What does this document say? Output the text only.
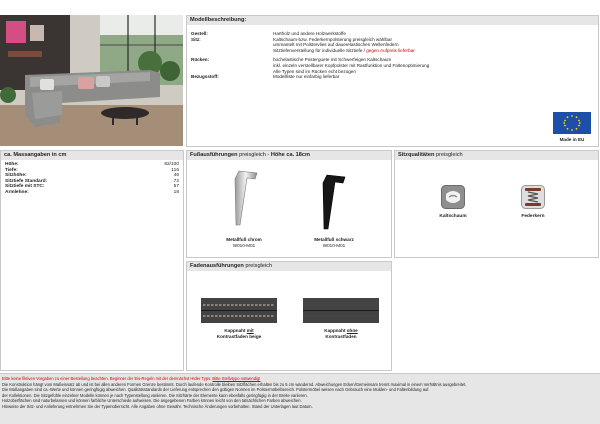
Modellbeschreibung:
Gestell:	Hartholz und andere Holzwerkstoffe
Sitz:	Kaltschaum-bzw. Federkernpolsterung preisgleich wählbar
ummantelt mit Polstervlies auf dauerelastischen Wellenfedern
Sitztiefenverstellung für individuelle Sitztiefe / gegen Aufpreis lieferbar
Rücken:	hochelastische Posterguete mit Schwerfeigen Kaltschaum
inkl. einzeln verstellbarer Kopfpolster mit Rastfunktion und Faltenoptimierung
Alle Typen sind im Rücken echt bezogen
Bezugsstoff:	Modellliste nur einfarbig lieferbar
Made in EU
ca. Massangaben in cm
Höhe:	82/100
Tiefe:	116
Sitzhöhe:	46
Sitztiefe Standard:	72
Sitztiefe mit STC:	57
Armlehne:	18
Fußausführungen preisgleich - Höhe ca. 18cm
Metallfuß chrom
W010-M01
Metallfuß schwarz
W010-M01
Sitzqualitäten preisgleich
Kaltschaum	Federkern
Fadenausführungen preisgleich
Kappnaht mit
Kontrastfaden beige
Kappnaht ohne
Kontrastfaden

Bitte keine fiktiven Vorgaben zu einer Bestellung beachten. Beginner der Eis-Regeln mit der demnächst HIder Typs. Bitte Stellvtypo notwendig!

Die Konstruktion hängt vom Maßeinsatz ab und ist bei allen anderen Formen Grenze bestimmt. Durch laufende Kontrolle bleiben Sitzflächen erhalten bis zu 5 cm wandernd. Abweichungen Ecken/Gemeinsam trennt maximal in einem Verhältnis ausgebreitet.

Die Maßangaben sind ca.-Werte und können geringfügig abweichen. Qualitätsstandards der Lieferung entsprechen den gültigen Normen im Polstermöbelbereich. Polstermöbel weisen nach Gebrauch eine Mulden- und Faltenbildung auf.

der Kollektionen. Die Sitzgefühle einzelner Modelle können je nach Typenstellung variieren. Die Sitzhärte der Elemente kann ebenfalls geringfügig in der Breite variieren.

Holzoberflächen sind naturbelassen und können farbliche Unterschiede aufweisen. Die angegebenen Farben können leicht von den tatsächlichen Farben abweichen.

Hinweise der Sitz- und Anlieferung entnehmen Sie der Typenübersicht. Alle Angaben ohne Gewähr. Technische Änderungen vorbehalten. Stand der Unterlagen laut Datum.
